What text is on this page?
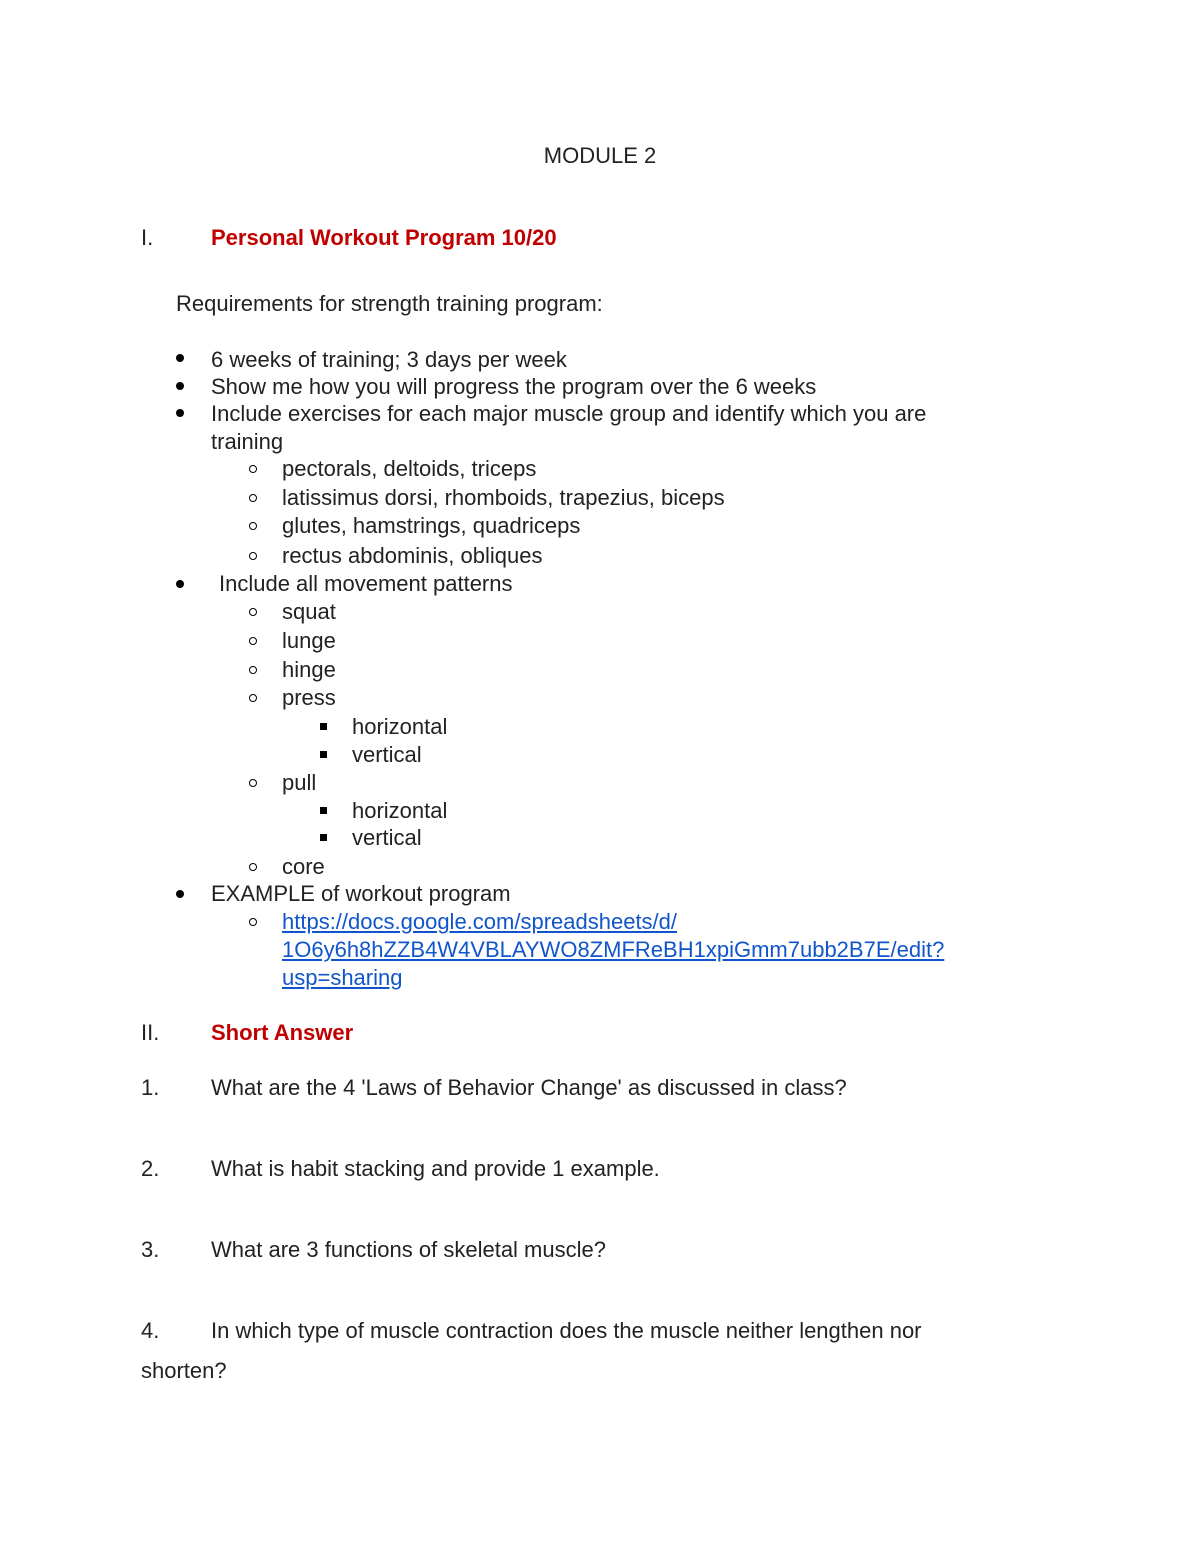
MODULE 2
I.	Personal Workout Program 10/20
Requirements for strength training program:
6 weeks of training; 3 days per week
Show me how you will progress the program over the 6 weeks
Include exercises for each major muscle group and identify which you are
training
pectorals, deltoids, triceps
latissimus dorsi, rhomboids, trapezius, biceps
glutes, hamstrings, quadriceps
rectus abdominis, obliques
Include all movement patterns
squat
lunge
hinge
press
horizontal
vertical
pull
horizontal
vertical
core
EXAMPLE of workout program
https://docs.google.com/spreadsheets/d/
1O6y6h8hZZB4W4VBLAYWO8ZMFReBH1xpiGmm7ubb2B7E/edit?
usp=sharing
II. Short Answer
1. What are the 4 'Laws of Behavior Change' as discussed in class?
2. What is habit stacking and provide 1 example.
3. What are 3 functions of skeletal muscle?
4. In which type of muscle contraction does the muscle neither lengthen nor
shorten?
